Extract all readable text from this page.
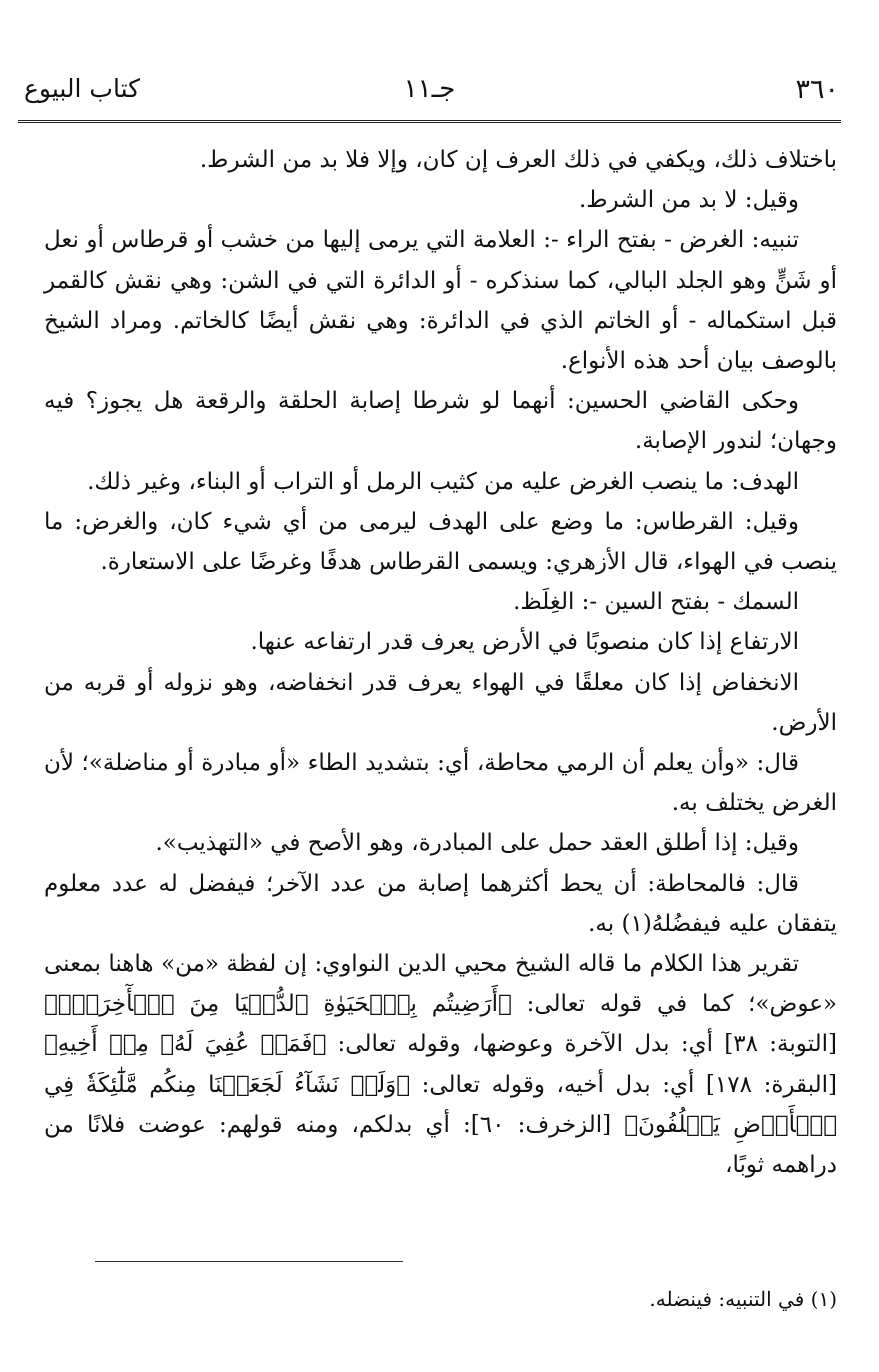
٣٦٠
جـ١١
كتاب البيوع

باختلاف ذلك، ويكفي في ذلك العرف إن كان، وإلا فلا بد من الشرط.

وقيل: لا بد من الشرط.

تنبيه: الغرض - بفتح الراء -: العلامة التي يرمى إليها من خشب أو قرطاس أو نعل أو شَنٍّ وهو الجلد البالي، كما سنذكره - أو الدائرة التي في الشن: وهي نقش كالقمر قبل استكماله - أو الخاتم الذي في الدائرة: وهي نقش أيضًا كالخاتم. ومراد الشيخ بالوصف بيان أحد هذه الأنواع.

وحكى القاضي الحسين: أنهما لو شرطا إصابة الحلقة والرقعة هل يجوز؟ فيه وجهان؛ لندور الإصابة.

الهدف: ما ينصب الغرض عليه من كثيب الرمل أو التراب أو البناء، وغير ذلك.

وقيل: القرطاس: ما وضع على الهدف ليرمى من أي شيء كان، والغرض: ما ينصب في الهواء، قال الأزهري: ويسمى القرطاس هدفًا وغرضًا على الاستعارة.

السمك - بفتح السين -: الغِلَظ.

الارتفاع إذا كان منصوبًا في الأرض يعرف قدر ارتفاعه عنها.

الانخفاض إذا كان معلقًا في الهواء يعرف قدر انخفاضه، وهو نزوله أو قربه من الأرض.

قال: «وأن يعلم أن الرمي محاطة، أي: بتشديد الطاء «أو مبادرة أو مناضلة»؛ لأن الغرض يختلف به.

وقيل: إذا أطلق العقد حمل على المبادرة، وهو الأصح في «التهذيب».

قال: فالمحاطة: أن يحط أكثرهما إصابة من عدد الآخر؛ فيفضل له عدد معلوم يتفقان عليه فيفضُلهُ(١) به.

تقرير هذا الكلام ما قاله الشيخ محيي الدين النواوي: إن لفظة «من» هاهنا بمعنى «عوض»؛ كما في قوله تعالى: ﴿أَرَضِيتُم بِٱلۡحَيَوٰةِ ٱلدُّنۡيَا مِنَ ٱلۡأٓخِرَةِۚ﴾ [التوبة: ٣٨] أي: بدل الآخرة وعوضها، وقوله تعالى: ﴿فَمَنۡ عُفِيَ لَهُۥ مِنۡ أَخِيهِ﴾ [البقرة: ١٧٨] أي: بدل أخيه، وقوله تعالى: ﴿وَلَوۡ نَشَآءُ لَجَعَلۡنَا مِنكُم مَّلَٰٓئِكَةٗ فِي ٱلۡأَرۡضِ يَخۡلُفُونَ﴾ [الزخرف: ٦٠]: أي بدلكم، ومنه قولهم: عوضت فلانًا من دراهمه ثوبًا،

(١) في التنبيه: فينضله.
